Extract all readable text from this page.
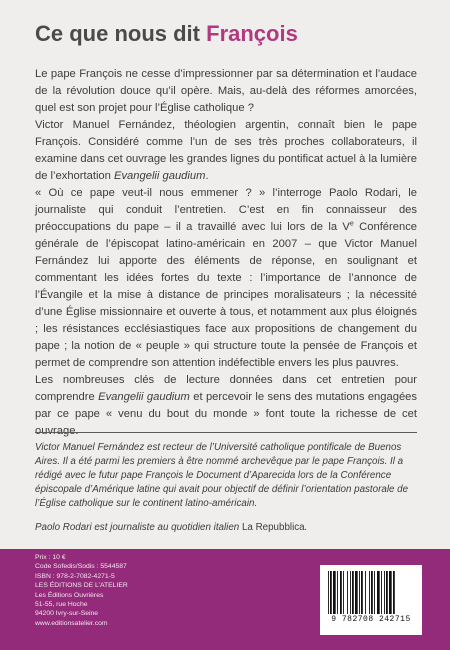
Ce que nous dit François

Le pape François ne cesse d’impressionner par sa détermination et l’audace de la révolution douce qu’il opère. Mais, au-delà des réformes amorcées, quel est son projet pour l’Église catholique ?

Victor Manuel Fernández, théologien argentin, connaît bien le pape François. Considéré comme l’un de ses très proches collaborateurs, il examine dans cet ouvrage les grandes lignes du pontificat actuel à la lumière de l’exhortation Evangelii gaudium.

« Où ce pape veut-il nous emmener ? » l’interroge Paolo Rodari, le journaliste qui conduit l’entretien. C’est en fin connaisseur des préoccupations du pape – il a travaillé avec lui lors de la Ve Conférence générale de l’épiscopat latino-américain en 2007 – que Victor Manuel Fernández lui apporte des éléments de réponse, en soulignant et commentant les idées fortes du texte : l’importance de l’annonce de l’Évangile et la mise à distance de principes moralisateurs ; la nécessité d’une Église missionnaire et ouverte à tous, et notamment aux plus éloignés ; les résistances ecclésiastiques face aux propositions de changement du pape ; la notion de « peuple » qui structure toute la pensée de François et permet de comprendre son attention indéfectible envers les plus pauvres.

Les nombreuses clés de lecture données dans cet entretien pour comprendre Evangelii gaudium et percevoir le sens des mutations engagées par ce pape « venu du bout du monde » font toute la richesse de cet ouvrage.

Victor Manuel Fernández est recteur de l’Université catholique pontificale de Buenos Aires. Il a été parmi les premiers à être nommé archevêque par le pape François. Il a rédigé avec le futur pape François le Document d’Aparecida lors de la Conférence épiscopale d’Amérique latine qui avait pour objectif de définir l’orientation pastorale de l’Église catholique sur le continent latino-américain.

Paolo Rodari est journaliste au quotidien italien La Repubblica.

Prix : 10 €
Code Sofedis/Sodis : 5544587
ISBN : 978-2-7082-4271-5
LES ÉDITIONS DE L’ATELIER
Les Éditions Ouvrières
51-55, rue Hoche
94200 Ivry-sur-Seine
www.editionsatelier.com	9 782708 242715
